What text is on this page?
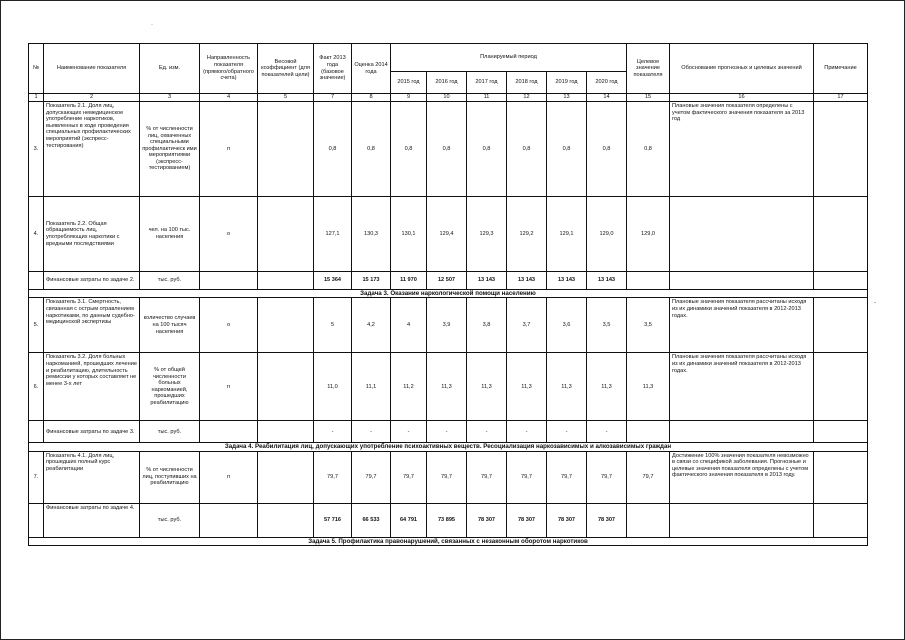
·
-
№	Наименование показателя	Ед. изм.	Направленность показателя (прямого/обратного счета)	Весовой коэффициент (для показателей цели)	Факт 2013 года (базовое значение)	Оценка 2014 года	Планируемый период						Целевое значение показателя	Обоснование прогнозных и целевых значений	Примечание
							2015 год	2016 год	2017 год	2018 год	2019 год	2020 год			
1	2	3	4	5	7	8	9	10	11	12	13	14	15	16	17
3.	Показатель 2.1. Доля лиц, допускающих немедицинское употребление наркотиков, выявленных в ходе проведения специальных профилактических мероприятий (экспресс-тестирования)	% от численности лиц, охваченных специальными профилактическ ими мероприятиями (экспресс-тестированием)	п		0,8	0,8	0,8	0,8	0,8	0,8	0,8	0,8	0,8	Плановые значения показателя определены с учетом фактического значения показателя за 2013 год	
4.	Показатель 2.2. Общая обращаемость лиц, употребляющих наркотики с вредными последствиями	чел. на 100 тыс. населения	о		127,1	130,3	130,1	129,4	129,3	129,2	129,1	129,0	129,0		
	Финансовые затраты по задаче 2.	тыс. руб.			15 364	15 173	11 970	12 507	13 143	13 143	13 143	13 143			
Задача 3. Оказание наркологической помощи населению															
5.	Показатель 3.1. Смертность, связанная с острым отравлением наркотиками, по данным судебно-медицинской экспертизы	количество случаев на 100 тысяч населения	о		5	4,2	4	3,9	3,8	3,7	3,6	3,5	3,5	Плановые значения показателя рассчитаны исходя из их динамики значений показателя в 2012-2013 годах.	
6.	Показатель 3.2. Доля больных наркоманией, прошедших лечение и реабилитацию, длительность ремиссии у которых составляет не менее 3-х лет	% от общей численности больных наркоманией, прошедших реабилитацию	п		11,0	11,1	11,2	11,3	11,3	11,3	11,3	11,3	11,3	Плановые значения показателя рассчитаны исходя из их динамики значений показателя в 2012-2013 годах.	
	Финансовые затраты по задаче 3.	тыс. руб.			-	-	-	-	-	-	-	-			
Задача 4. Реабилитация лиц, допускающих употребление психоактивных веществ. Ресоциализация наркозависимых и алкозависимых граждан															
7.	Показатель 4.1. Доля лиц, прошедших полный курс реабилитации	% от численности лиц, поступивших на реабилитацию	п		79,7	79,7	79,7	79,7	79,7	79,7	79,7	79,7	79,7	Достижение 100% значения показателя невозможно в связи со спецификой заболевания. Прогнозные и целевые значения показателя определены с учетом фактического значения показателя в 2013 году.	
	Финансовые затраты по задаче 4.	тыс. руб.			57 716	66 533	64 791	73 895	78 307	78 307	78 307	78 307			
Задача 5. Профилактика правонарушений, связанных с незаконным оборотом наркотиков															
